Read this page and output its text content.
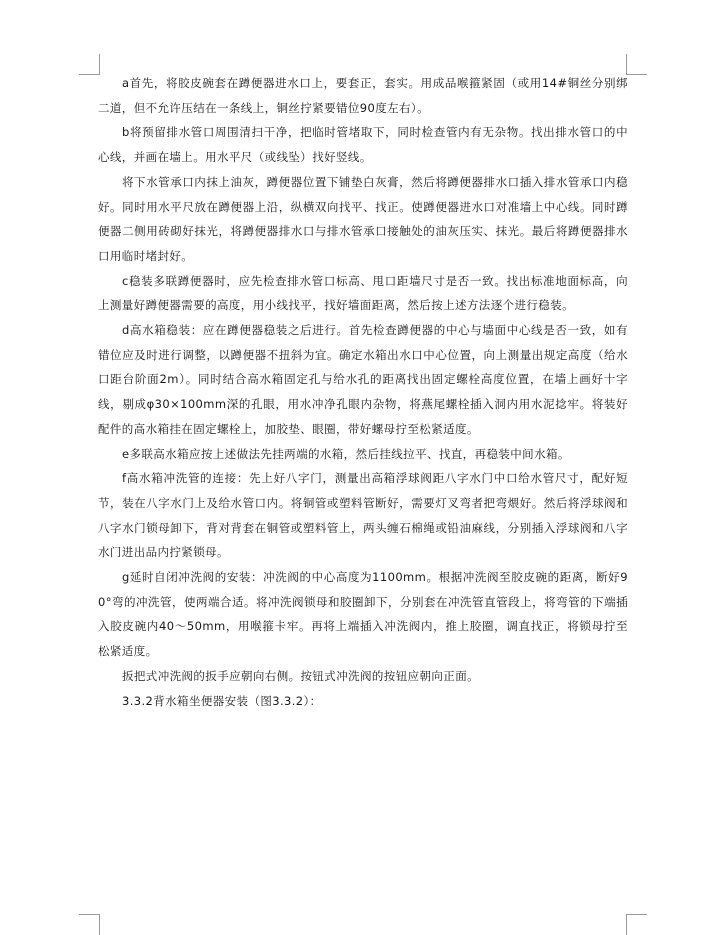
a首先，将胶皮碗套在蹲便器进水口上，要套正，套实。用成品喉箍紧固（或用14#铜丝分别绑二道，但不允许压结在一条线上，铜丝拧紧要错位90度左右）。

b将预留排水管口周围清扫干净，把临时管堵取下，同时检查管内有无杂物。找出排水管口的中心线，并画在墙上。用水平尺（或线坠）找好竖线。

将下水管承口内抹上油灰，蹲便器位置下铺垫白灰膏，然后将蹲便器排水口插入排水管承口内稳好。同时用水平尺放在蹲便器上沿，纵横双向找平、找正。使蹲便器进水口对准墙上中心线。同时蹲便器二侧用砖砌好抹光，将蹲便器排水口与排水管承口接触处的油灰压实、抹光。最后将蹲便器排水口用临时堵封好。

c稳装多联蹲便器时，应先检查排水管口标高、甩口距墙尺寸是否一致。找出标准地面标高，向上测量好蹲便器需要的高度，用小线找平，找好墙面距离，然后按上述方法逐个进行稳装。

d高水箱稳装：应在蹲便器稳装之后进行。首先检查蹲便器的中心与墙面中心线是否一致，如有错位应及时进行调整，以蹲便器不扭斜为宜。确定水箱出水口中心位置，向上测量出规定高度（给水口距台阶面2m）。同时结合高水箱固定孔与给水孔的距离找出固定螺栓高度位置，在墙上画好十字线，剔成φ30×100mm深的孔眼，用水冲净孔眼内杂物，将燕尾螺栓插入洞内用水泥捻牢。将装好配件的高水箱挂在固定螺栓上，加胶垫、眼圈，带好螺母拧至松紧适度。

e多联高水箱应按上述做法先挂两端的水箱，然后挂线拉平、找直，再稳装中间水箱。

f高水箱冲洗管的连接：先上好八字门，测量出高箱浮球阀距八字水门中口给水管尺寸，配好短节，装在八字水门上及给水管口内。将铜管或塑料管断好，需要灯叉弯者把弯煨好。然后将浮球阀和八字水门锁母卸下，背对背套在铜管或塑料管上，两头缠石棉绳或铅油麻线，分别插入浮球阀和八字水门进出品内拧紧锁母。

g延时自闭冲洗阀的安装：冲洗阀的中心高度为1100mm。根据冲洗阀至胶皮碗的距离，断好90°弯的冲洗管，使两端合适。将冲洗阀锁母和胶圈卸下，分别套在冲洗管直管段上，将弯管的下端插入胶皮碗内40～50mm，用喉箍卡牢。再将上端插入冲洗阀内，推上胶圈，调直找正，将锁母拧至松紧适度。

扳把式冲洗阀的扳手应朝向右侧。按钮式冲洗阀的按钮应朝向正面。

3.3.2背水箱坐便器安装（图3.3.2）：
